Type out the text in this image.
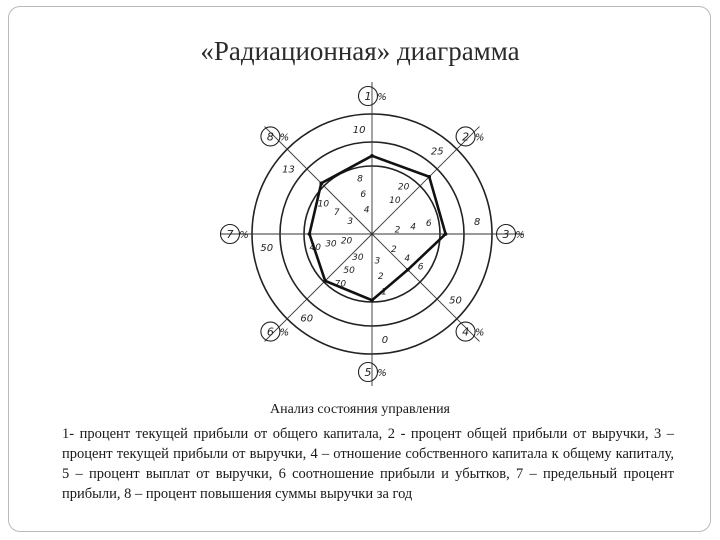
«Радиационная» диаграмма
10
8
6
4
1 %
25
20
10
2 %
8
6
4
2	3 %
50
6
4
2
4 %
0
1
2
3
5 %
60
70
50
30
6 %
50	40 30 20
7 %
13
10
7
3
8 %
Анализ состояния управления
1- процент текущей прибыли от общего капитала, 2 - процент общей прибыли от выручки, 3 – процент текущей прибыли от выручки, 4 – отношение собственного капитала к общему капиталу, 5 – процент выплат от выручки, 6 соотношение прибыли и убытков, 7 – предельный процент прибыли, 8 – процент повышения суммы выручки за год
